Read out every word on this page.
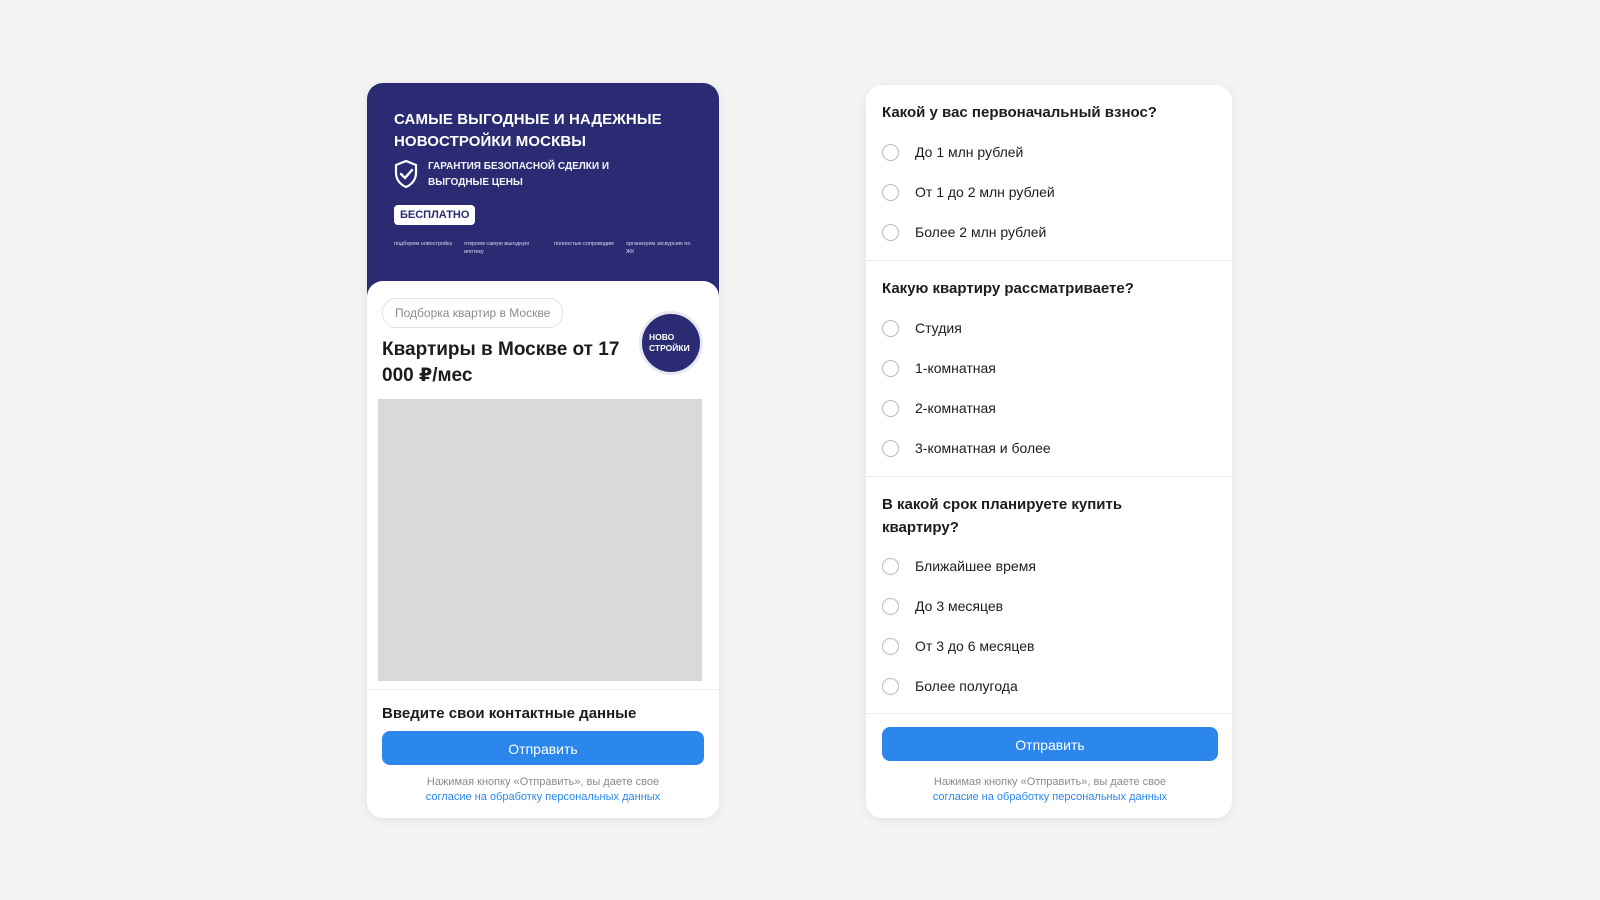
САМЫЕ ВЫГОДНЫЕ И НАДЕЖНЫЕ НОВОСТРОЙКИ МОСКВЫ
ГАРАНТИЯ БЕЗОПАСНОЙ СДЕЛКИ И ВЫГОДНЫЕ ЦЕНЫ
БЕСПЛАТНО
подберем новостройку	откроем самую выгодную ипотеку
полностью сопроводим	организуем экскурсию по ЖК
Подборка квартир в Москве
Квартиры в Москве от 17 000 ₽/мес
НОВО СТРОЙКИ
Введите свои контактные данные
Отправить
Нажимая кнопку «Отправить», вы даете свое
согласие на обработку персональных данных
Какой у вас первоначальный взнос?
До 1 млн рублей
От 1 до 2 млн рублей
Более 2 млн рублей
Какую квартиру рассматриваете?
Студия
1-комнатная
2-комнатная
3-комнатная и более
В какой срок планируете купить квартиру?
Ближайшее время
До 3 месяцев
От 3 до 6 месяцев
Более полугода
Отправить
Нажимая кнопку «Отправить», вы даете свое
согласие на обработку персональных данных
